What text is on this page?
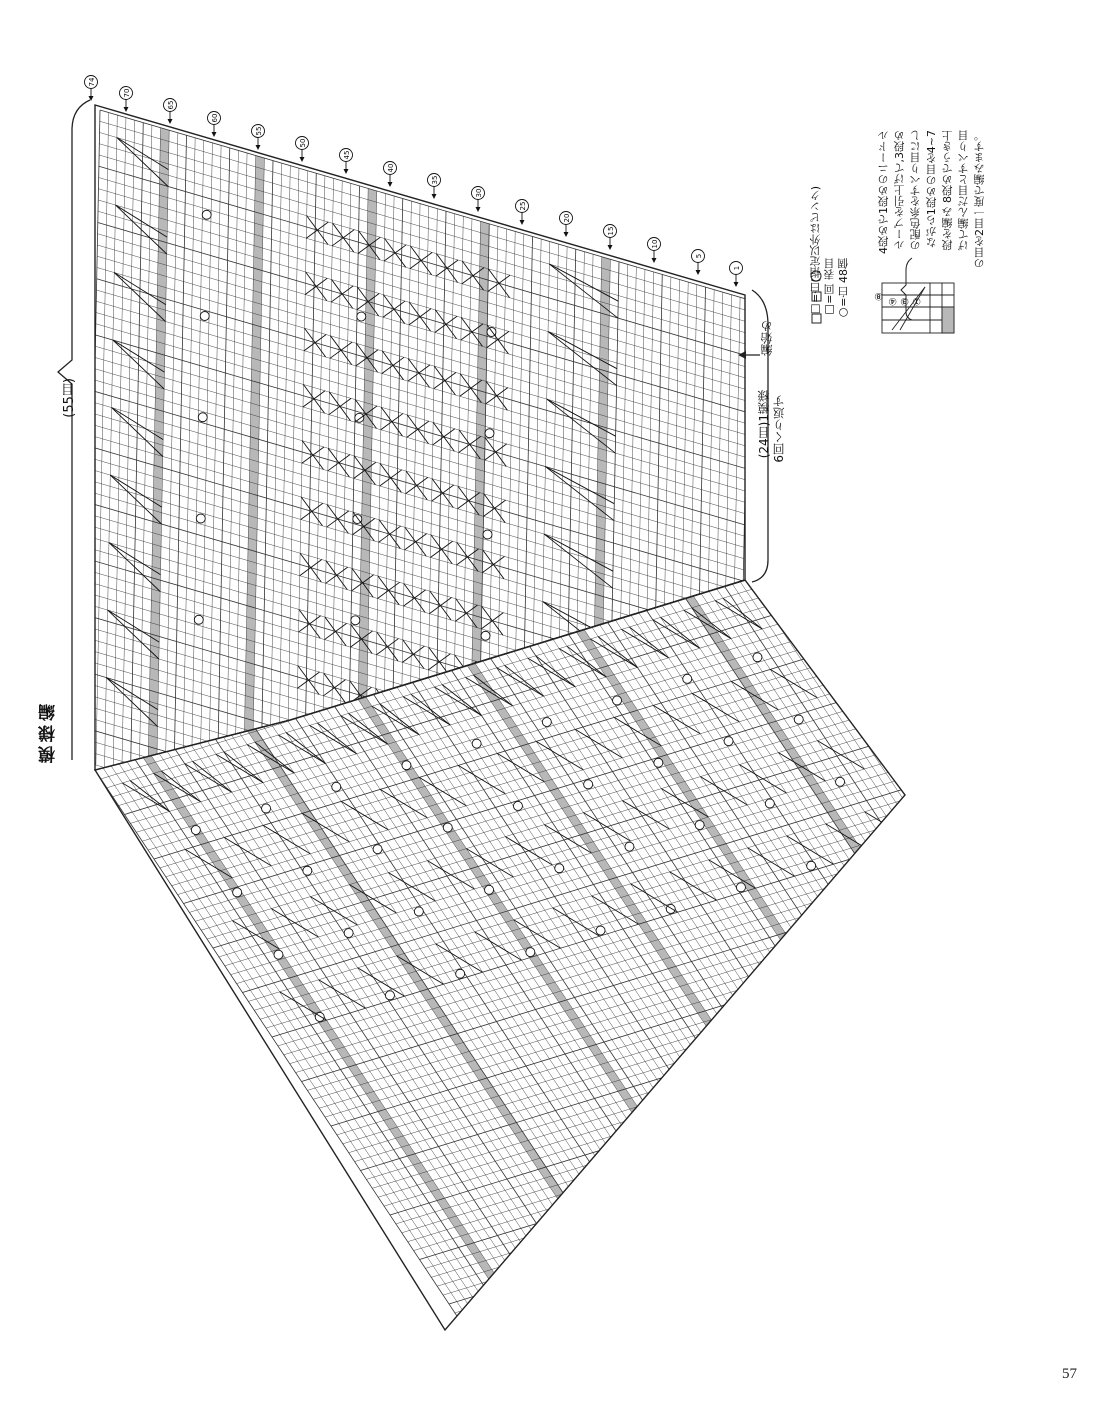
74
70
65
60
55
50
45
40
35
30
25
20
15
10
5
1
模様編
(55目)	(24目)1模様 6回くり返す
編始め
□=白(指定以外はピンク) □=回 表目 ○=白 48個 ⑧ ④ ③ ①
4段めで1段めのニードル ループを引上げて,3段め の配色糸をすべり目にし ながら1段めの目を4~7 段を編み 8段めでうき上 げて編んだ目とすべり目 の目を2目一度で編みます。
57
